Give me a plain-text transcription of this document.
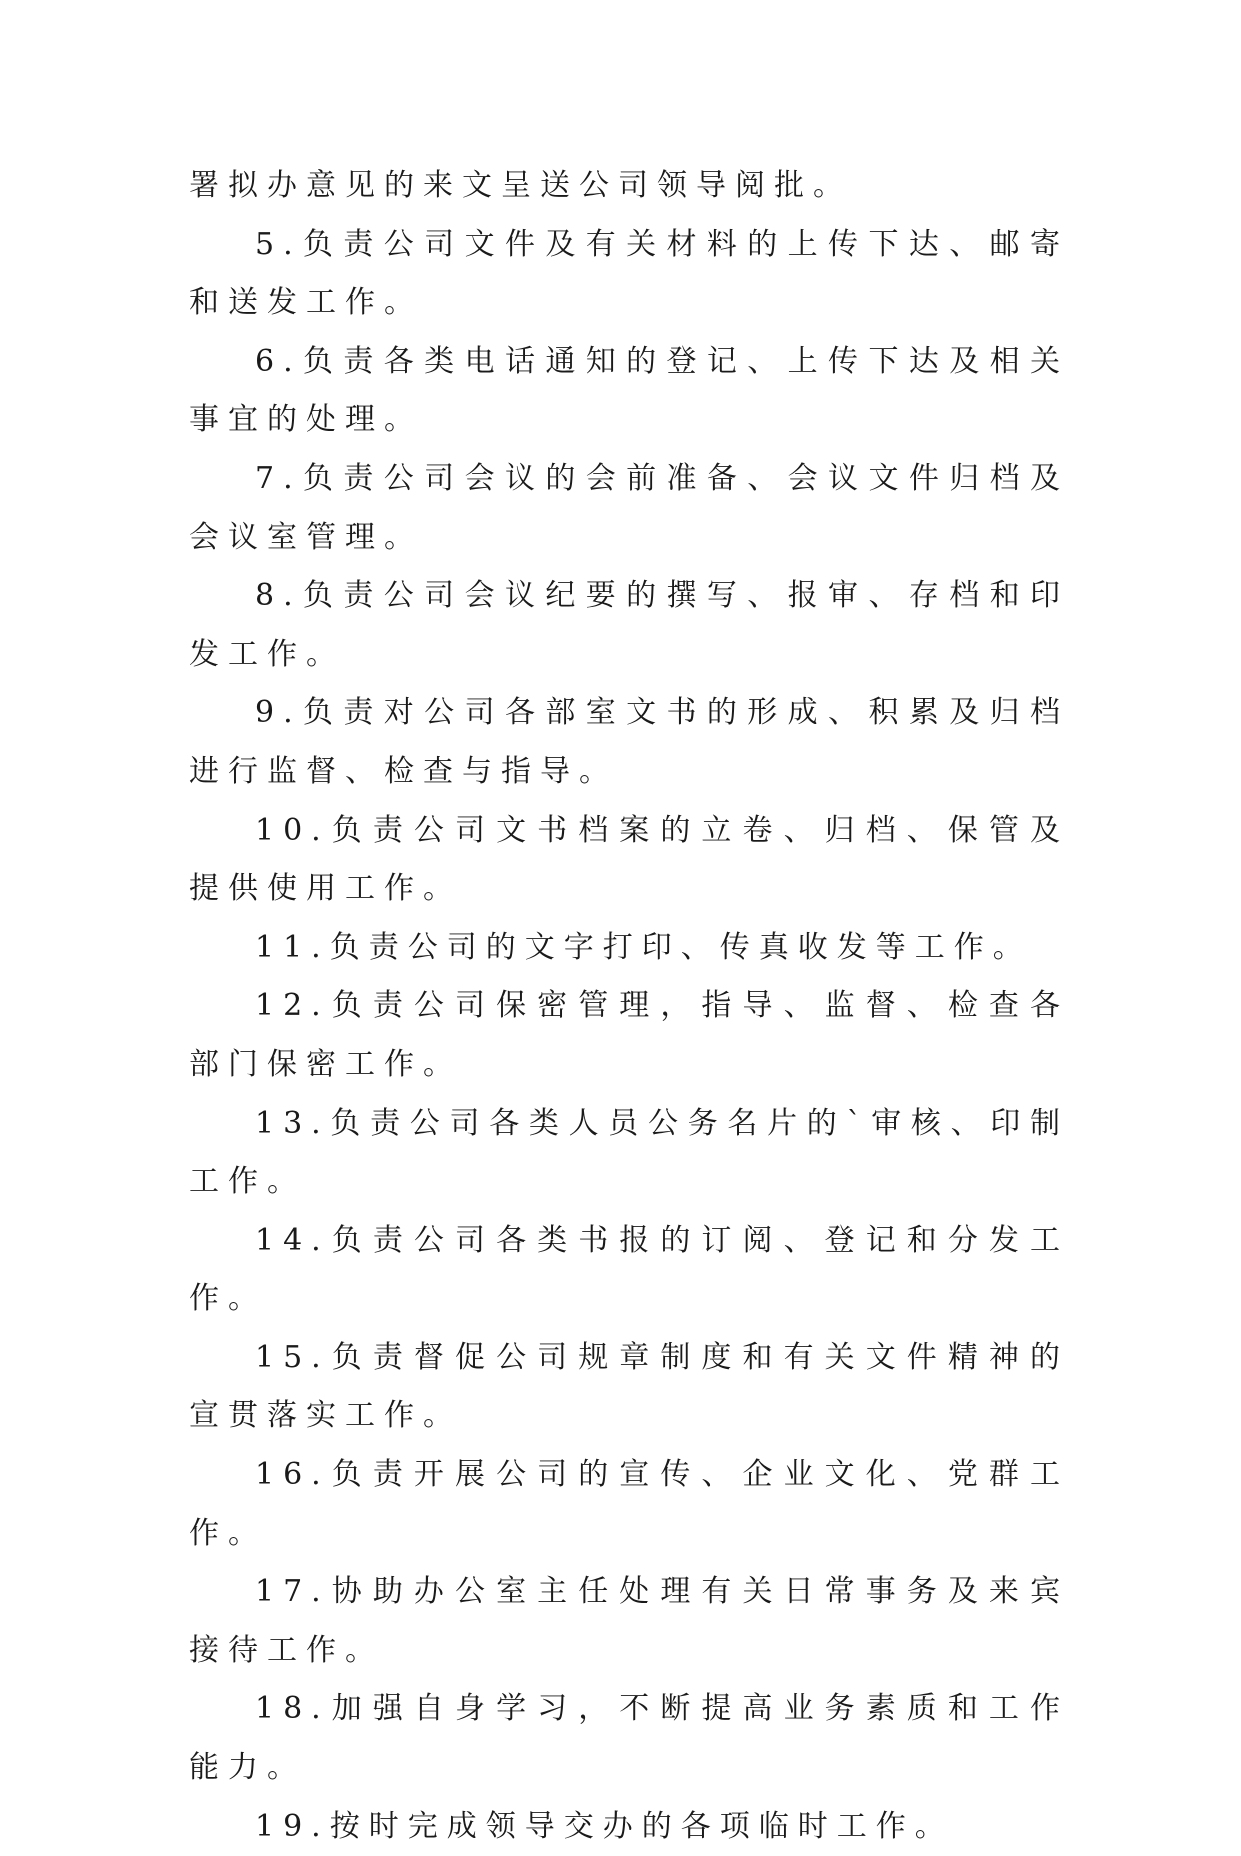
署拟办意见的来文呈送公司领导阅批。

5.负责公司文件及有关材料的上传下达、邮寄和送发工作。

6.负责各类电话通知的登记、上传下达及相关事宜的处理。

7.负责公司会议的会前准备、会议文件归档及会议室管理。

8.负责公司会议纪要的撰写、报审、存档和印发工作。

9.负责对公司各部室文书的形成、积累及归档进行监督、检查与指导。

10.负责公司文书档案的立卷、归档、保管及提供使用工作。

11.负责公司的文字打印、传真收发等工作。

12.负责公司保密管理，指导、监督、检查各部门保密工作。

13.负责公司各类人员公务名片的`审核、印制工作。

14.负责公司各类书报的订阅、登记和分发工作。

15.负责督促公司规章制度和有关文件精神的宣贯落实工作。

16.负责开展公司的宣传、企业文化、党群工作。

17.协助办公室主任处理有关日常事务及来宾接待工作。

18.加强自身学习，不断提高业务素质和工作能力。

19.按时完成领导交办的各项临时工作。
